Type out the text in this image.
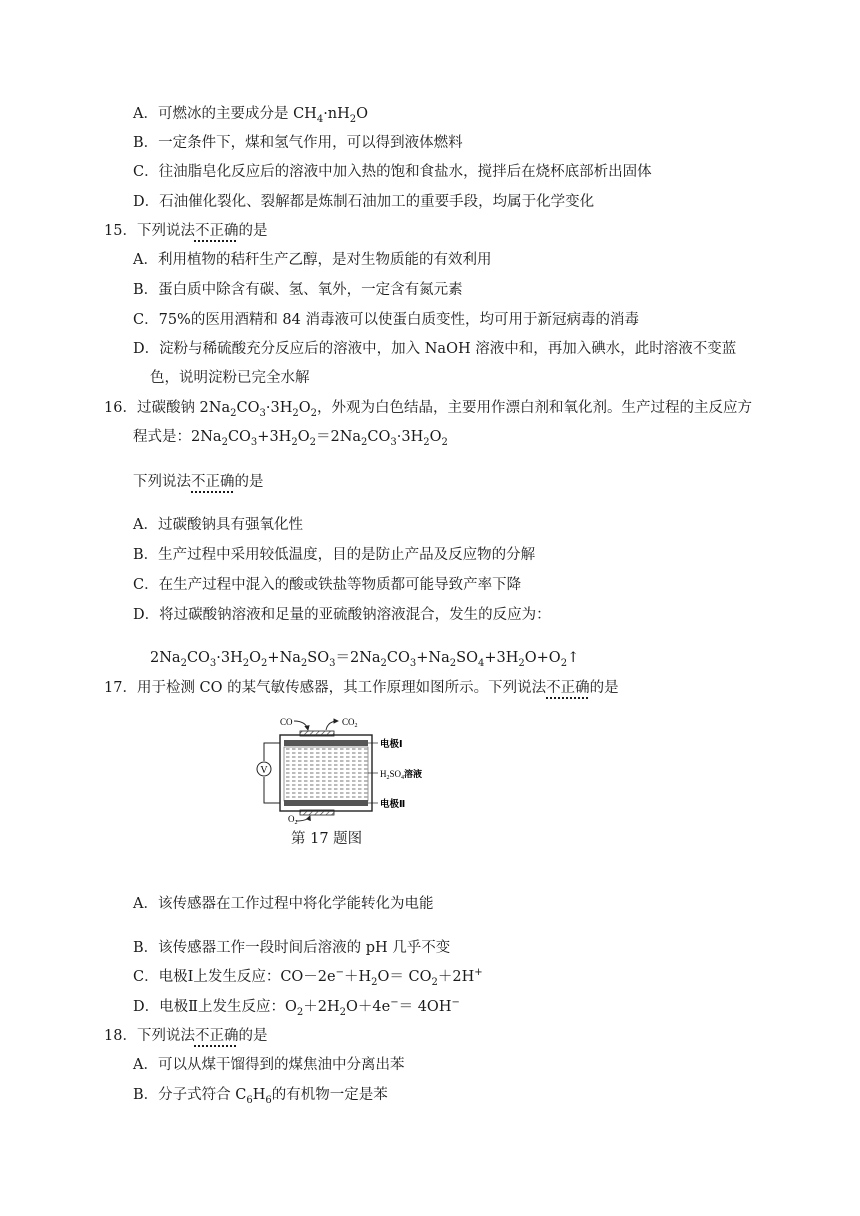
A．可燃冰的主要成分是 $CH_4\cdot nH_2O$
B．一定条件下，煤和氢气作用，可以得到液体燃料
C．往油脂皂化反应后的溶液中加入热的饱和食盐水，搅拌后在烧杯底部析出固体
D．石油催化裂化、裂解都是炼制石油加工的重要手段，均属于化学变化
15．下列说法不正确的是
A．利用植物的秸秆生产乙醇，是对生物质能的有效利用
B．蛋白质中除含有碳、氢、氧外，一定含有氮元素
C．75%的医用酒精和 84 消毒液可以使蛋白质变性，均可用于新冠病毒的消毒
D．淀粉与稀硫酸充分反应后的溶液中，加入 NaOH 溶液中和，再加入碘水，此时溶液不变蓝
色，说明淀粉已完全水解
16．过碳酸钠 $2Na_2CO_3\cdot 3H_2O_2$，外观为白色结晶，主要用作漂白剂和氧化剂。生产过程的主反应方
程式是：$2Na_2CO_3+3H_2O_2=2Na_2CO_3\cdot 3H_2O_2$
下列说法不正确的是
A．过碳酸钠具有强氧化性
B．生产过程中采用较低温度，目的是防止产品及反应物的分解
C．在生产过程中混入的酸或铁盐等物质都可能导致产率下降
D．将过碳酸钠溶液和足量的亚硫酸钠溶液混合，发生的反应为：
$2Na_2CO_3\cdot 3H_2O_2+Na_2SO_3=2Na_2CO_3+Na_2SO_4+3H_2O+O_2↑$
17．用于检测 CO 的某气敏传感器，其工作原理如图所示。下列说法不正确的是
V
CO	$CO_2$
$O_2$
电极Ⅰ
$H_2SO_4$溶液
电极Ⅱ
第 17 题图
A．该传感器在工作过程中将化学能转化为电能
B．该传感器工作一段时间后溶液的 pH 几乎不变
C．电极Ⅰ上发生反应：$CO-2e^-+H_2O= CO_2+2H^+$
D．电极Ⅱ上发生反应：$O_2+2H_2O+4e^-= 4OH^-$
18．下列说法不正确的是
A．可以从煤干馏得到的煤焦油中分离出苯
B．分子式符合 $C_6H_6$的有机物一定是苯
